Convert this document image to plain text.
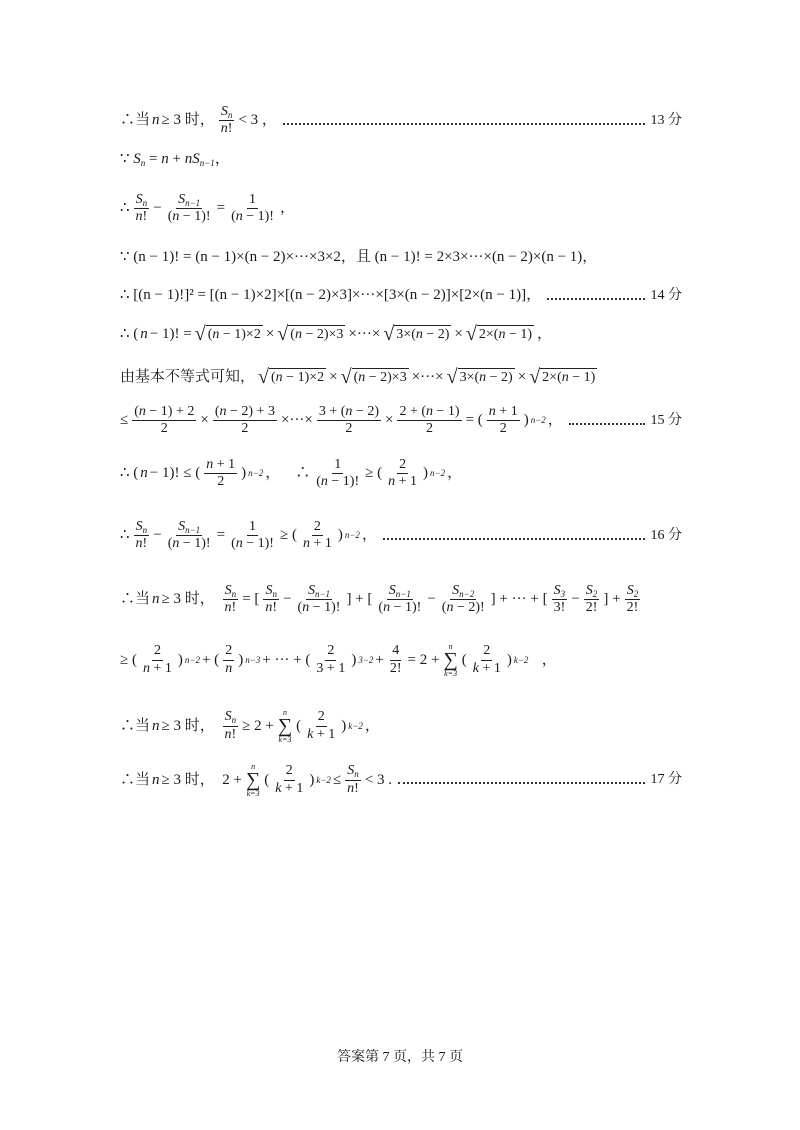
∴当 n ≥ 3 时， $\frac{S_n}{n!} < 3$ ，	13 分
∵ $S_n = n + nS_{n-1}$，
∴ $\frac{S_n}{n!} - \frac{S_{n-1}}{(n - 1)!} = \frac{1}{(n - 1)!}$ ，
∵ (n − 1)! = (n − 1)×(n − 2)×···×3×2，且 (n − 1)! = 2×3×···×(n − 2)×(n − 1)，
∴ [(n − 1)!]² = [(n − 1)×2]×[(n − 2)×3]×···×[3×(n − 2)]×[2×(n − 1)]，	14 分
∴ ( n − 1)! = √ (n − 1)×2 × √ (n − 2)×3 ×···× √ 3×(n − 2) × √ 2×(n − 1) ，
由基本不等式可知， √ (n − 1)×2 × √ (n − 2)×3 ×···× √ 3×(n − 2) × √ 2×(n − 1)
≤ $\frac{(n - 1) + 2}{2} \times \frac{(n - 2) + 3}{2}$ ×···× $\frac{3 + (n - 2)}{2} \times \frac{2 + (n - 1)}{2}$ = ( $\frac{n + 1}{2}$ ) n−2 ，	15 分
∴ ( n − 1)! ≤ ( $\frac{n + 1}{2}$ ) n−2 ，    ∴ $\frac{1}{(n - 1)!}$ ≥ ( $\frac{2}{n + 1}$ ) n−2 ，
∴ $\frac{S_n}{n!} - \frac{S_{n-1}}{(n - 1)!} = \frac{1}{(n - 1)!}$ ≥ ( $\frac{2}{n + 1}$ ) n−2 ，	16 分
∴当 n ≥ 3 时， $\frac{S_n}{n!}$ = [ $\frac{S_n}{n!} - \frac{S_{n-1}}{(n - 1)!}$ ] + [ $\frac{S_{n-1}}{(n - 1)!} - \frac{S_{n-2}}{(n - 2)!}$ ] + ··· + [ $\frac{S_3}{3!} - \frac{S_2}{2!}$ ] + $\frac{S_2}{2!}$
≥ ( $\frac{2}{n + 1}$ ) n−2 + ( $\frac{2}{n}$ ) n−3 + ··· + ( $\frac{2}{3 + 1}$ ) $3-2 + \frac{4}{2!} = 2$ +
n
∑
k=3
( $\frac{2}{k + 1}$ ) k−2 ，
∴当 n ≥ 3 时， $\frac{S_n}{n!} \ge 2$ +
n
∑
k=3
( $\frac{2}{k + 1}$ ) k−2 ，
∴当 n ≥ 3 时，  2 +
n
∑
k=3
( $\frac{2}{k + 1}$ ) $k-2 \le \frac{S_n}{n!} < 3$ .	17 分
答案第 7 页，共 7 页
